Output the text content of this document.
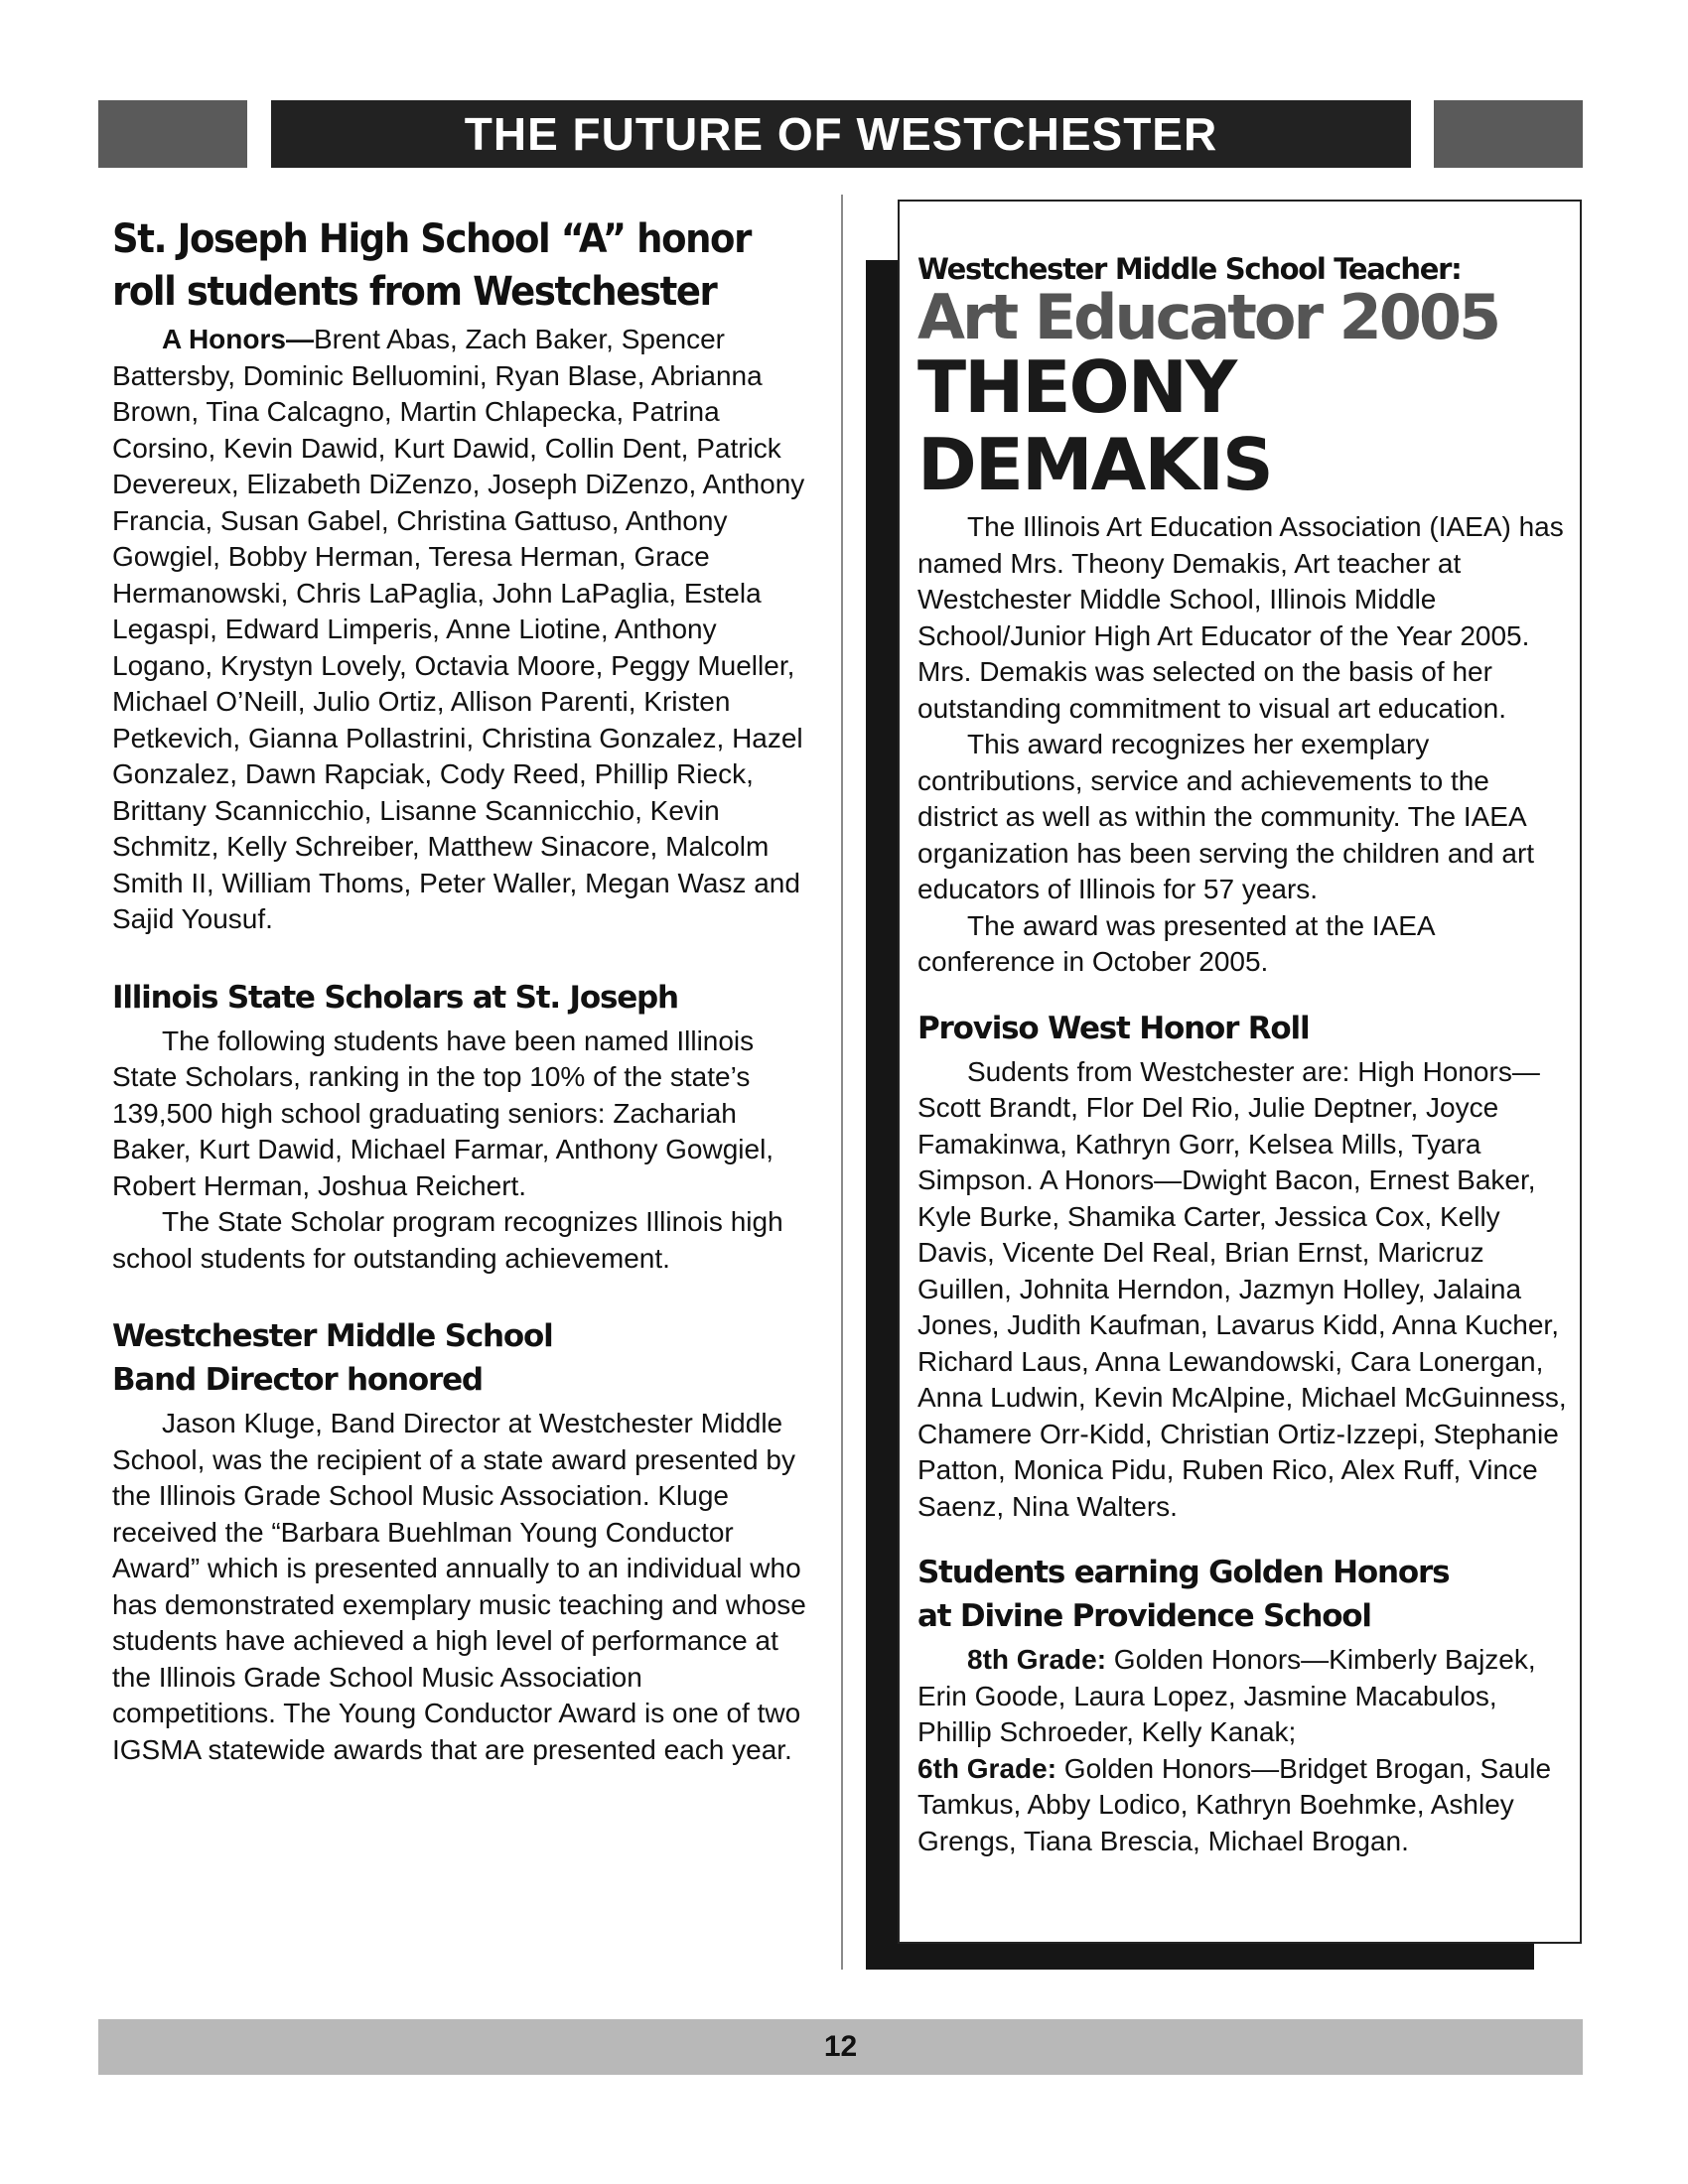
THE FUTURE OF WESTCHESTER
St. Joseph High School “A” honor roll students from Westchester

A Honors—Brent Abas, Zach Baker, Spencer Battersby, Dominic Belluomini, Ryan Blase, Abrianna Brown, Tina Calcagno, Martin Chlapecka, Patrina Corsino, Kevin Dawid, Kurt Dawid, Collin Dent, Patrick Devereux, Elizabeth DiZenzo, Joseph DiZenzo, Anthony Francia, Susan Gabel, Christina Gattuso, Anthony Gowgiel, Bobby Herman, Teresa Herman, Grace Hermanowski, Chris LaPaglia, John LaPaglia, Estela Legaspi, Edward Limperis, Anne Liotine, Anthony Logano, Krystyn Lovely, Octavia Moore, Peggy Mueller, Michael O’Neill, Julio Ortiz, Allison Parenti, Kristen Petkevich, Gianna Pollastrini, Christina Gonzalez, Hazel Gonzalez, Dawn Rapciak, Cody Reed, Phillip Rieck, Brittany Scannicchio, Lisanne Scannicchio, Kevin Schmitz, Kelly Schreiber, Matthew Sinacore, Malcolm Smith II, William Thoms, Peter Waller, Megan Wasz and Sajid Yousuf.

Illinois State Scholars at St. Joseph

The following students have been named Illinois State Scholars, ranking in the top 10% of the state’s 139,500 high school graduating seniors: Zachariah Baker, Kurt Dawid, Michael Farmar, Anthony Gowgiel, Robert Herman, Joshua Reichert.

The State Scholar program recognizes Illinois high school students for outstanding achievement.

Westchester Middle School
Band Director honored

Jason Kluge, Band Director at Westchester Middle School, was the recipient of a state award presented by the Illinois Grade School Music Association. Kluge received the “Barbara Buehlman Young Conductor Award” which is presented annually to an individual who has demonstrated exemplary music teaching and whose students have achieved a high level of performance at the Illinois Grade School Music Association competitions. The Young Conductor Award is one of two IGSMA statewide awards that are presented each year.

Westchester Middle School Teacher:

Art Educator 2005

THEONY DEMAKIS

The Illinois Art Education Association (IAEA) has named Mrs. Theony Demakis, Art teacher at Westchester Middle School, Illinois Middle School/Junior High Art Educator of the Year 2005. Mrs. Demakis was selected on the basis of her outstanding commitment to visual art education.

This award recognizes her exemplary contributions, service and achievements to the district as well as within the community. The IAEA organization has been serving the children and art educators of Illinois for 57 years.

The award was presented at the IAEA conference in October 2005.

Proviso West Honor Roll

Sudents from Westchester are: High Honors—Scott Brandt, Flor Del Rio, Julie Deptner, Joyce Famakinwa, Kathryn Gorr, Kelsea Mills, Tyara Simpson. A Honors—Dwight Bacon, Ernest Baker, Kyle Burke, Shamika Carter, Jessica Cox, Kelly Davis, Vicente Del Real, Brian Ernst, Maricruz Guillen, Johnita Herndon, Jazmyn Holley, Jalaina Jones, Judith Kaufman, Lavarus Kidd, Anna Kucher, Richard Laus, Anna Lewandowski, Cara Lonergan, Anna Ludwin, Kevin McAlpine, Michael McGuinness, Chamere Orr-Kidd, Christian Ortiz-Izzepi, Stephanie Patton, Monica Pidu, Ruben Rico, Alex Ruff, Vince Saenz, Nina Walters.

Students earning Golden Honors
at Divine Providence School

8th Grade: Golden Honors—Kimberly Bajzek, Erin Goode, Laura Lopez, Jasmine Macabulos, Phillip Schroeder, Kelly Kanak;
6th Grade: Golden Honors—Bridget Brogan, Saule Tamkus, Abby Lodico, Kathryn Boehmke, Ashley Grengs, Tiana Brescia, Michael Brogan.

12
